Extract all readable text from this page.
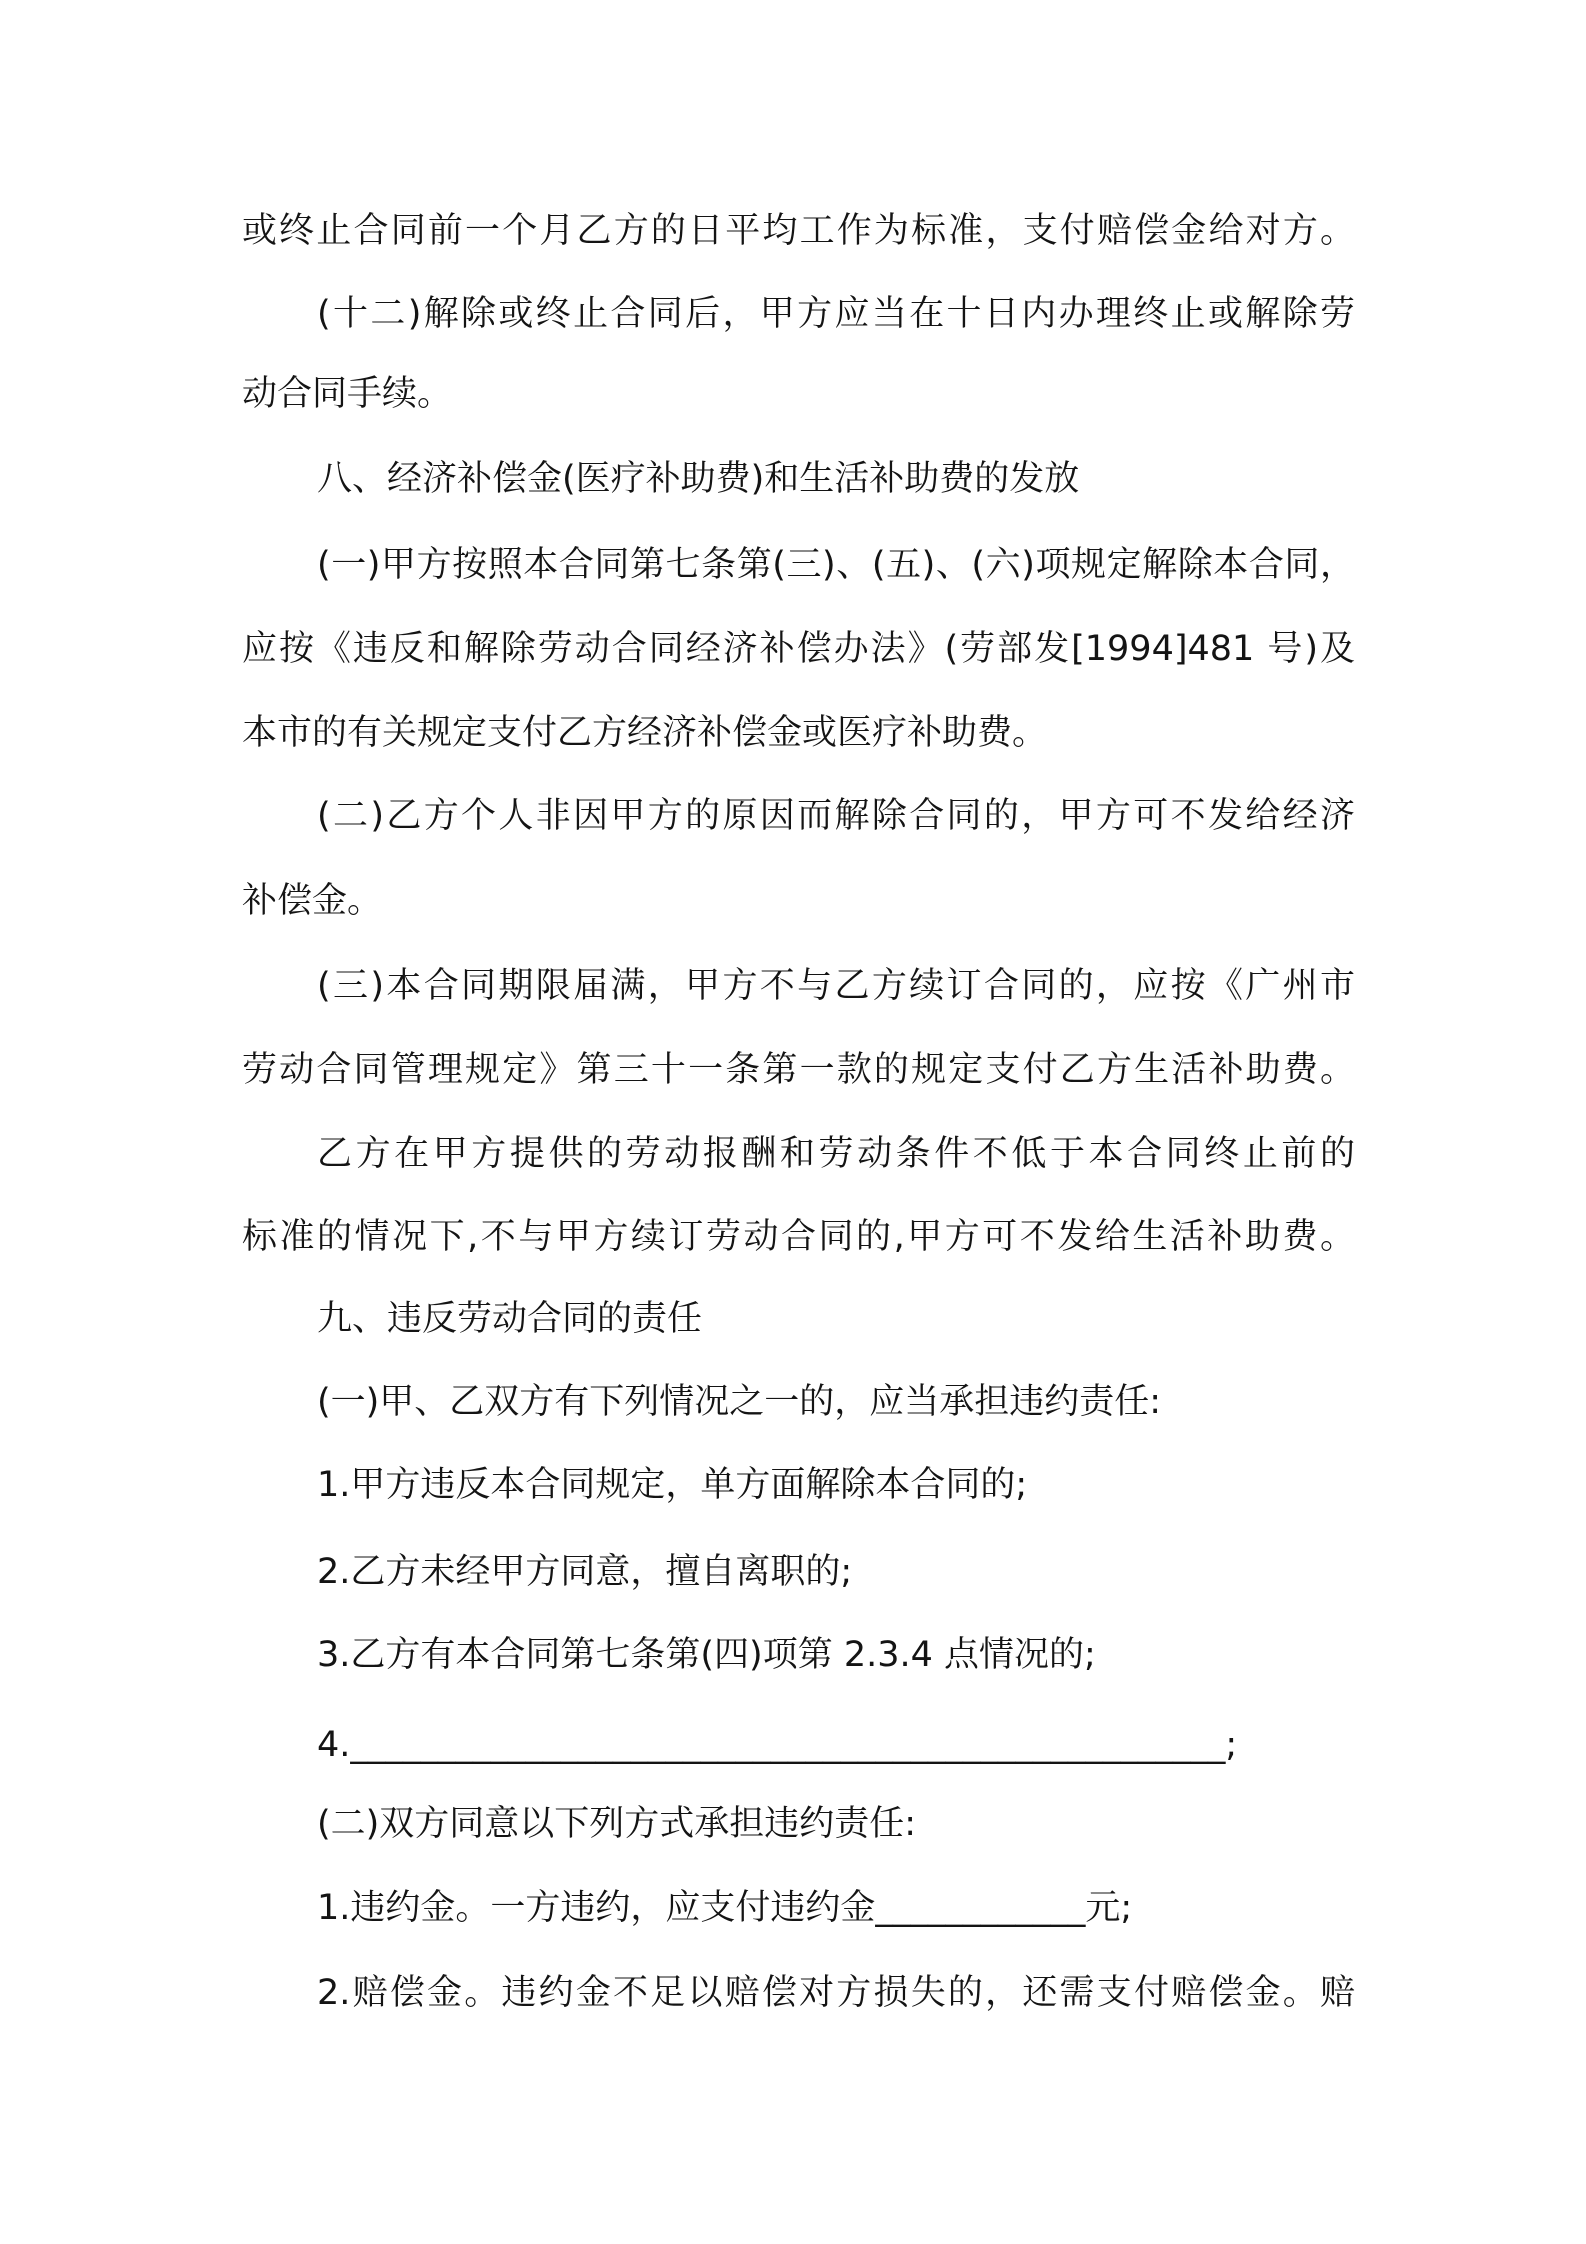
或终止合同前一个月乙方的日平均工作为标准，支付赔偿金给对方。
(十二)解除或终止合同后，甲方应当在十日内办理终止或解除劳
动合同手续。
八、经济补偿金(医疗补助费)和生活补助费的发放
(一)甲方按照本合同第七条第(三)、(五)、(六)项规定解除本合同，
应按《违反和解除劳动合同经济补偿办法》(劳部发[1994]481 号)及
本市的有关规定支付乙方经济补偿金或医疗补助费。
(二)乙方个人非因甲方的原因而解除合同的，甲方可不发给经济
补偿金。
(三)本合同期限届满，甲方不与乙方续订合同的，应按《广州市
劳动合同管理规定》第三十一条第一款的规定支付乙方生活补助费。
乙方在甲方提供的劳动报酬和劳动条件不低于本合同终止前的
标准的情况下,不与甲方续订劳动合同的,甲方可不发给生活补助费。
九、违反劳动合同的责任
(一)甲、乙双方有下列情况之一的，应当承担违约责任:
1.甲方违反本合同规定，单方面解除本合同的;
2.乙方未经甲方同意，擅自离职的;
3.乙方有本合同第七条第(四)项第 2.3.4 点情况的;
4.__________________________________________________;
(二)双方同意以下列方式承担违约责任:
1.违约金。一方违约，应支付违约金____________元;
2.赔偿金。违约金不足以赔偿对方损失的，还需支付赔偿金。赔
